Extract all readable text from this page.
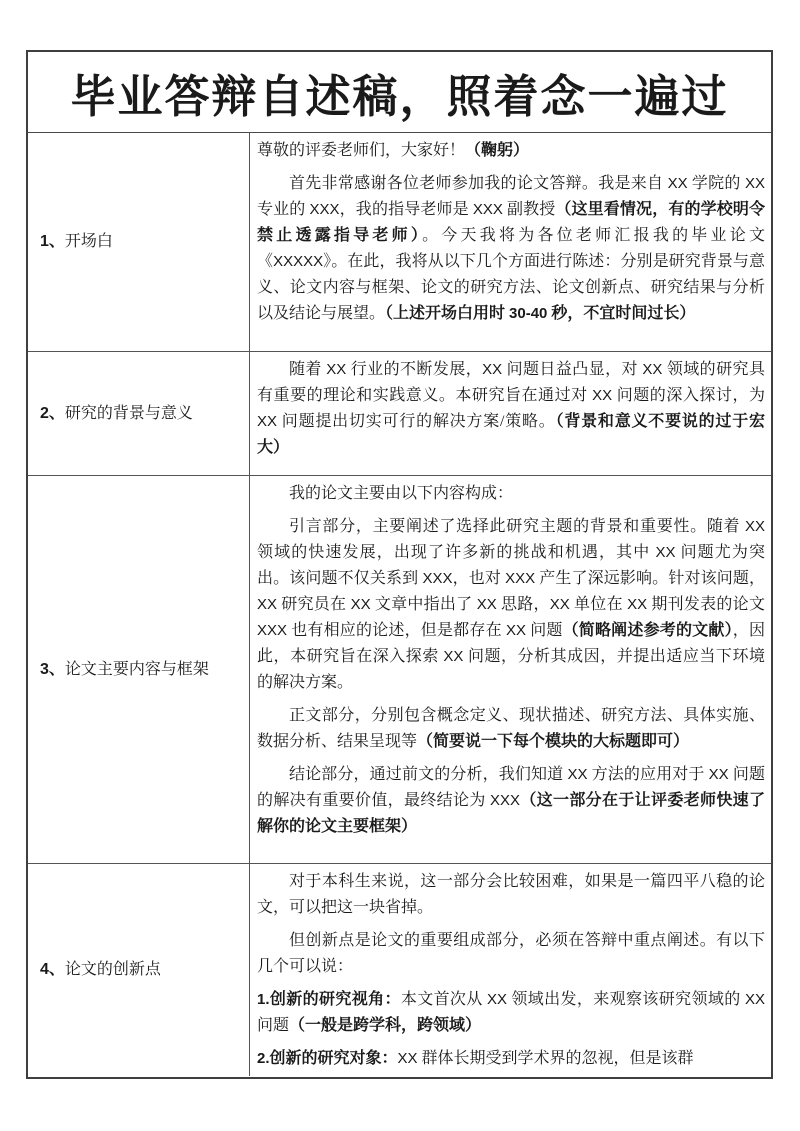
毕业答辩自述稿，照着念一遍过
1、 开场白

尊敬的评委老师们，大家好！（鞠躬）

首先非常感谢各位老师参加我的论文答辩。我是来自 XX 学院的 XX 专业的 XXX，我的指导老师是 XXX 副教授（这里看情况，有的学校明令禁止透露指导老师）。今天我将为各位老师汇报我的毕业论文《XXXXX》。在此，我将从以下几个方面进行陈述：分别是研究背景与意义、论文内容与框架、论文的研究方法、论文创新点、研究结果与分析以及结论与展望。（上述开场白用时 30-40 秒，不宜时间过长）

2、 研究的背景与意义

随着 XX 行业的不断发展，XX 问题日益凸显，对 XX 领域的研究具有重要的理论和实践意义。本研究旨在通过对 XX 问题的深入探讨，为 XX 问题提出切实可行的解决方案/策略。（背景和意义不要说的过于宏大）

3、 论文主要内容与框架

我的论文主要由以下内容构成：

引言部分，主要阐述了选择此研究主题的背景和重要性。随着 XX 领域的快速发展，出现了许多新的挑战和机遇，其中 XX 问题尤为突出。该问题不仅关系到 XXX，也对 XXX 产生了深远影响。针对该问题，XX 研究员在 XX 文章中指出了 XX 思路，XX 单位在 XX 期刊发表的论文 XXX 也有相应的论述，但是都存在 XX 问题（简略阐述参考的文献），因此，本研究旨在深入探索 XX 问题，分析其成因，并提出适应当下环境的解决方案。

正文部分，分别包含概念定义、现状描述、研究方法、具体实施、数据分析、结果呈现等（简要说一下每个模块的大标题即可）

结论部分，通过前文的分析，我们知道 XX 方法的应用对于 XX 问题的解决有重要价值，最终结论为 XXX（这一部分在于让评委老师快速了解你的论文主要框架）

4、 论文的创新点

对于本科生来说，这一部分会比较困难，如果是一篇四平八稳的论文，可以把这一块省掉。

但创新点是论文的重要组成部分，必须在答辩中重点阐述。有以下几个可以说：

1.创新的研究视角：本文首次从 XX 领域出发，来观察该研究领域的 XX 问题（一般是跨学科，跨领域）

2.创新的研究对象：XX 群体长期受到学术界的忽视，但是该群
